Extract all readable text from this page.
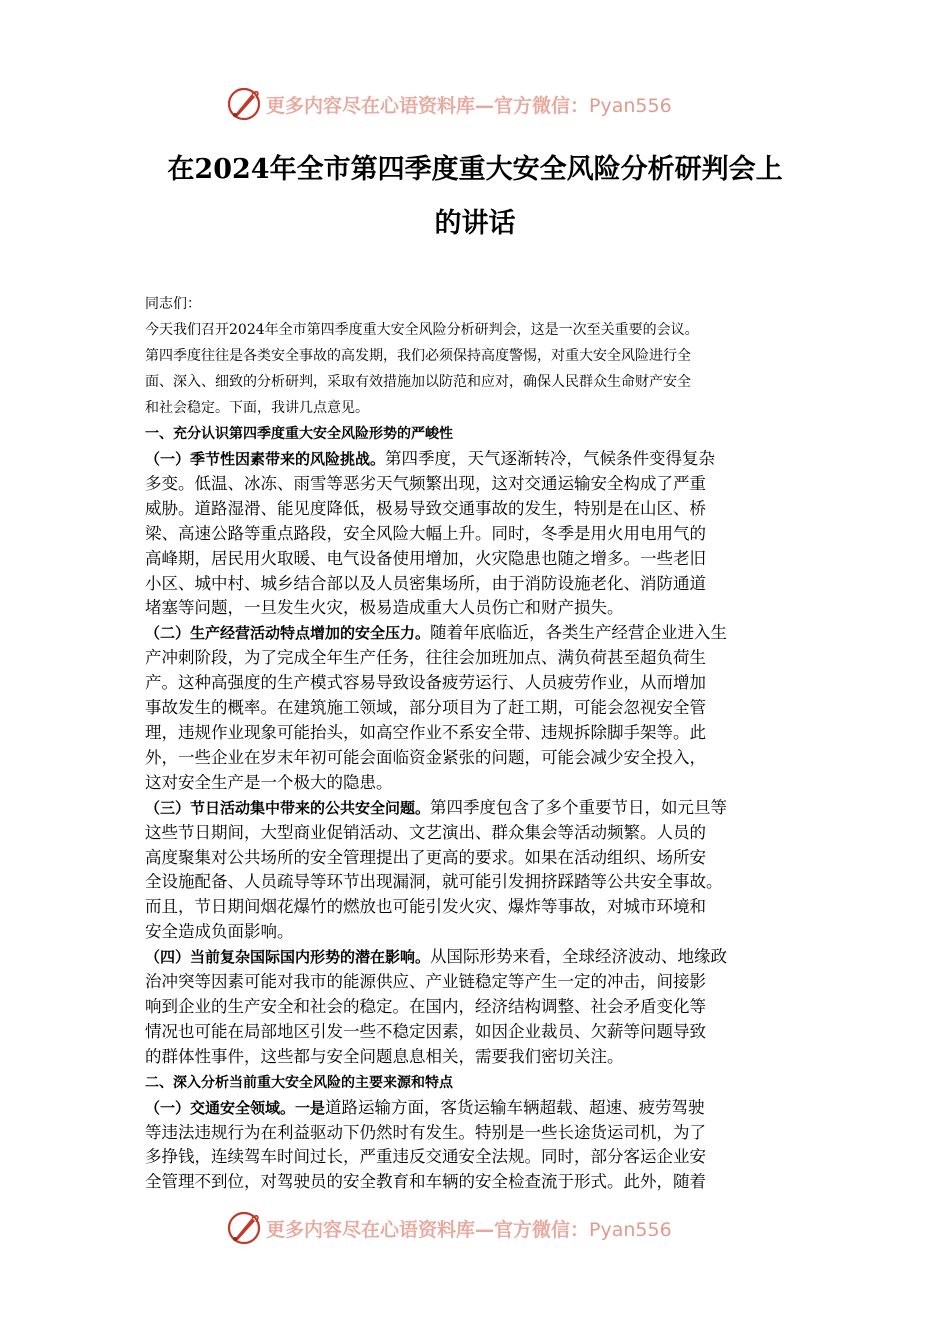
更多内容尽在心语资料库—官方微信：Pyan556
在2024年全市第四季度重大安全风险分析研判会上
的讲话

同志们：

今天我们召开2024年全市第四季度重大安全风险分析研判会，这是一次至关重要的会议。

第四季度往往是各类安全事故的高发期，我们必须保持高度警惕，对重大安全风险进行全

面、深入、细致的分析研判，采取有效措施加以防范和应对，确保人民群众生命财产安全

和社会稳定。下面，我讲几点意见。

一、充分认识第四季度重大安全风险形势的严峻性

（一）季节性因素带来的风险挑战。第四季度，天气逐渐转冷，气候条件变得复杂
多变。低温、冰冻、雨雪等恶劣天气频繁出现，这对交通运输安全构成了严重
威胁。道路湿滑、能见度降低，极易导致交通事故的发生，特别是在山区、桥
梁、高速公路等重点路段，安全风险大幅上升。同时，冬季是用火用电用气的
高峰期，居民用火取暖、电气设备使用增加，火灾隐患也随之增多。一些老旧
小区、城中村、城乡结合部以及人员密集场所，由于消防设施老化、消防通道
堵塞等问题，一旦发生火灾，极易造成重大人员伤亡和财产损失。
（二）生产经营活动特点增加的安全压力。随着年底临近，各类生产经营企业进入生
产冲刺阶段，为了完成全年生产任务，往往会加班加点、满负荷甚至超负荷生
产。这种高强度的生产模式容易导致设备疲劳运行、人员疲劳作业，从而增加
事故发生的概率。在建筑施工领域，部分项目为了赶工期，可能会忽视安全管
理，违规作业现象可能抬头，如高空作业不系安全带、违规拆除脚手架等。此
外，一些企业在岁末年初可能会面临资金紧张的问题，可能会减少安全投入，
这对安全生产是一个极大的隐患。
（三）节日活动集中带来的公共安全问题。第四季度包含了多个重要节日，如元旦等
这些节日期间，大型商业促销活动、文艺演出、群众集会等活动频繁。人员的
高度聚集对公共场所的安全管理提出了更高的要求。如果在活动组织、场所安
全设施配备、人员疏导等环节出现漏洞，就可能引发拥挤踩踏等公共安全事故。
而且，节日期间烟花爆竹的燃放也可能引发火灾、爆炸等事故，对城市环境和
安全造成负面影响。
（四）当前复杂国际国内形势的潜在影响。从国际形势来看，全球经济波动、地缘政
治冲突等因素可能对我市的能源供应、产业链稳定等产生一定的冲击，间接影
响到企业的生产安全和社会的稳定。在国内，经济结构调整、社会矛盾变化等
情况也可能在局部地区引发一些不稳定因素，如因企业裁员、欠薪等问题导致
的群体性事件，这些都与安全问题息息相关，需要我们密切关注。

二、深入分析当前重大安全风险的主要来源和特点

（一）交通安全领域。一是道路运输方面，客货运输车辆超载、超速、疲劳驾驶
等违法违规行为在利益驱动下仍然时有发生。特别是一些长途货运司机，为了
多挣钱，连续驾车时间过长，严重违反交通安全法规。同时，部分客运企业安
全管理不到位，对驾驶员的安全教育和车辆的安全检查流于形式。此外，随着
更多内容尽在心语资料库—官方微信：Pyan556
